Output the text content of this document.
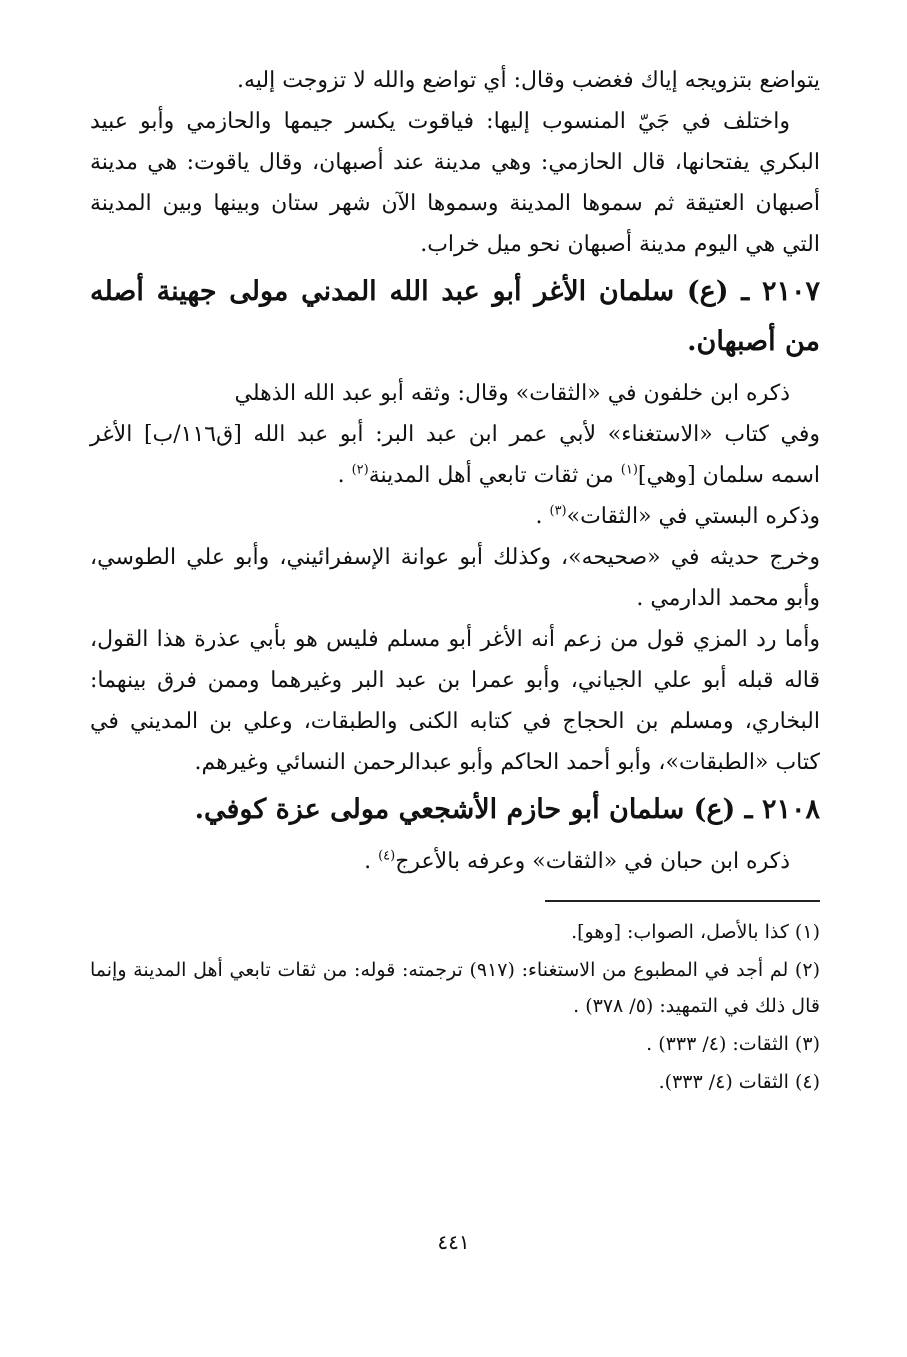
يتواضع بتزويجه إياك فغضب وقال: أي تواضع والله لا تزوجت إليه.

واختلف في جَيّ المنسوب إليها: فياقوت يكسر جيمها والحازمي وأبو عبيد البكري يفتحانها، قال الحازمي: وهي مدينة عند أصبهان، وقال ياقوت: هي مدينة أصبهان العتيقة ثم سموها المدينة وسموها الآن شهر ستان وبينها وبين المدينة التي هي اليوم مدينة أصبهان نحو ميل خراب.

٢١٠٧ ـ (ع) سلمان الأغر أبو عبد الله المدني مولى جهينة أصله من أصبهان.

ذكره ابن خلفون في «الثقات» وقال: وثقه أبو عبد الله الذهلي

وفي كتاب «الاستغناء» لأبي عمر ابن عبد البر: أبو عبد الله [ق١١٦/ب] الأغر اسمه سلمان [وهي]$^{(١)}$ من ثقات تابعي أهل المدينة$^{(٢)}$ .

وذكره البستي في «الثقات»$^{(٣)}$ .

وخرج حديثه في «صحيحه»، وكذلك أبو عوانة الإسفرائيني، وأبو علي الطوسي، وأبو محمد الدارمي .

وأما رد المزي قول من زعم أنه الأغر أبو مسلم فليس هو بأبي عذرة هذا القول، قاله قبله أبو علي الجياني، وأبو عمرا بن عبد البر وغيرهما وممن فرق بينهما: البخاري، ومسلم بن الحجاج في كتابه الكنى والطبقات، وعلي بن المديني في كتاب «الطبقات»، وأبو أحمد الحاكم وأبو عبدالرحمن النسائي وغيرهم.

٢١٠٨ ـ (ع) سلمان أبو حازم الأشجعي مولى عزة كوفي.

ذكره ابن حبان في «الثقات» وعرفه بالأعرج$^{(٤)}$ .

(١) كذا بالأصل، الصواب: [وهو].

(٢) لم أجد في المطبوع من الاستغناء: (٩١٧) ترجمته: قوله: من ثقات تابعي أهل المدينة وإنما قال ذلك في التمهيد: (٥/ ٣٧٨) .

(٣) الثقات: (٤/ ٣٣٣) .

(٤) الثقات (٤/ ٣٣٣).

٤٤١
